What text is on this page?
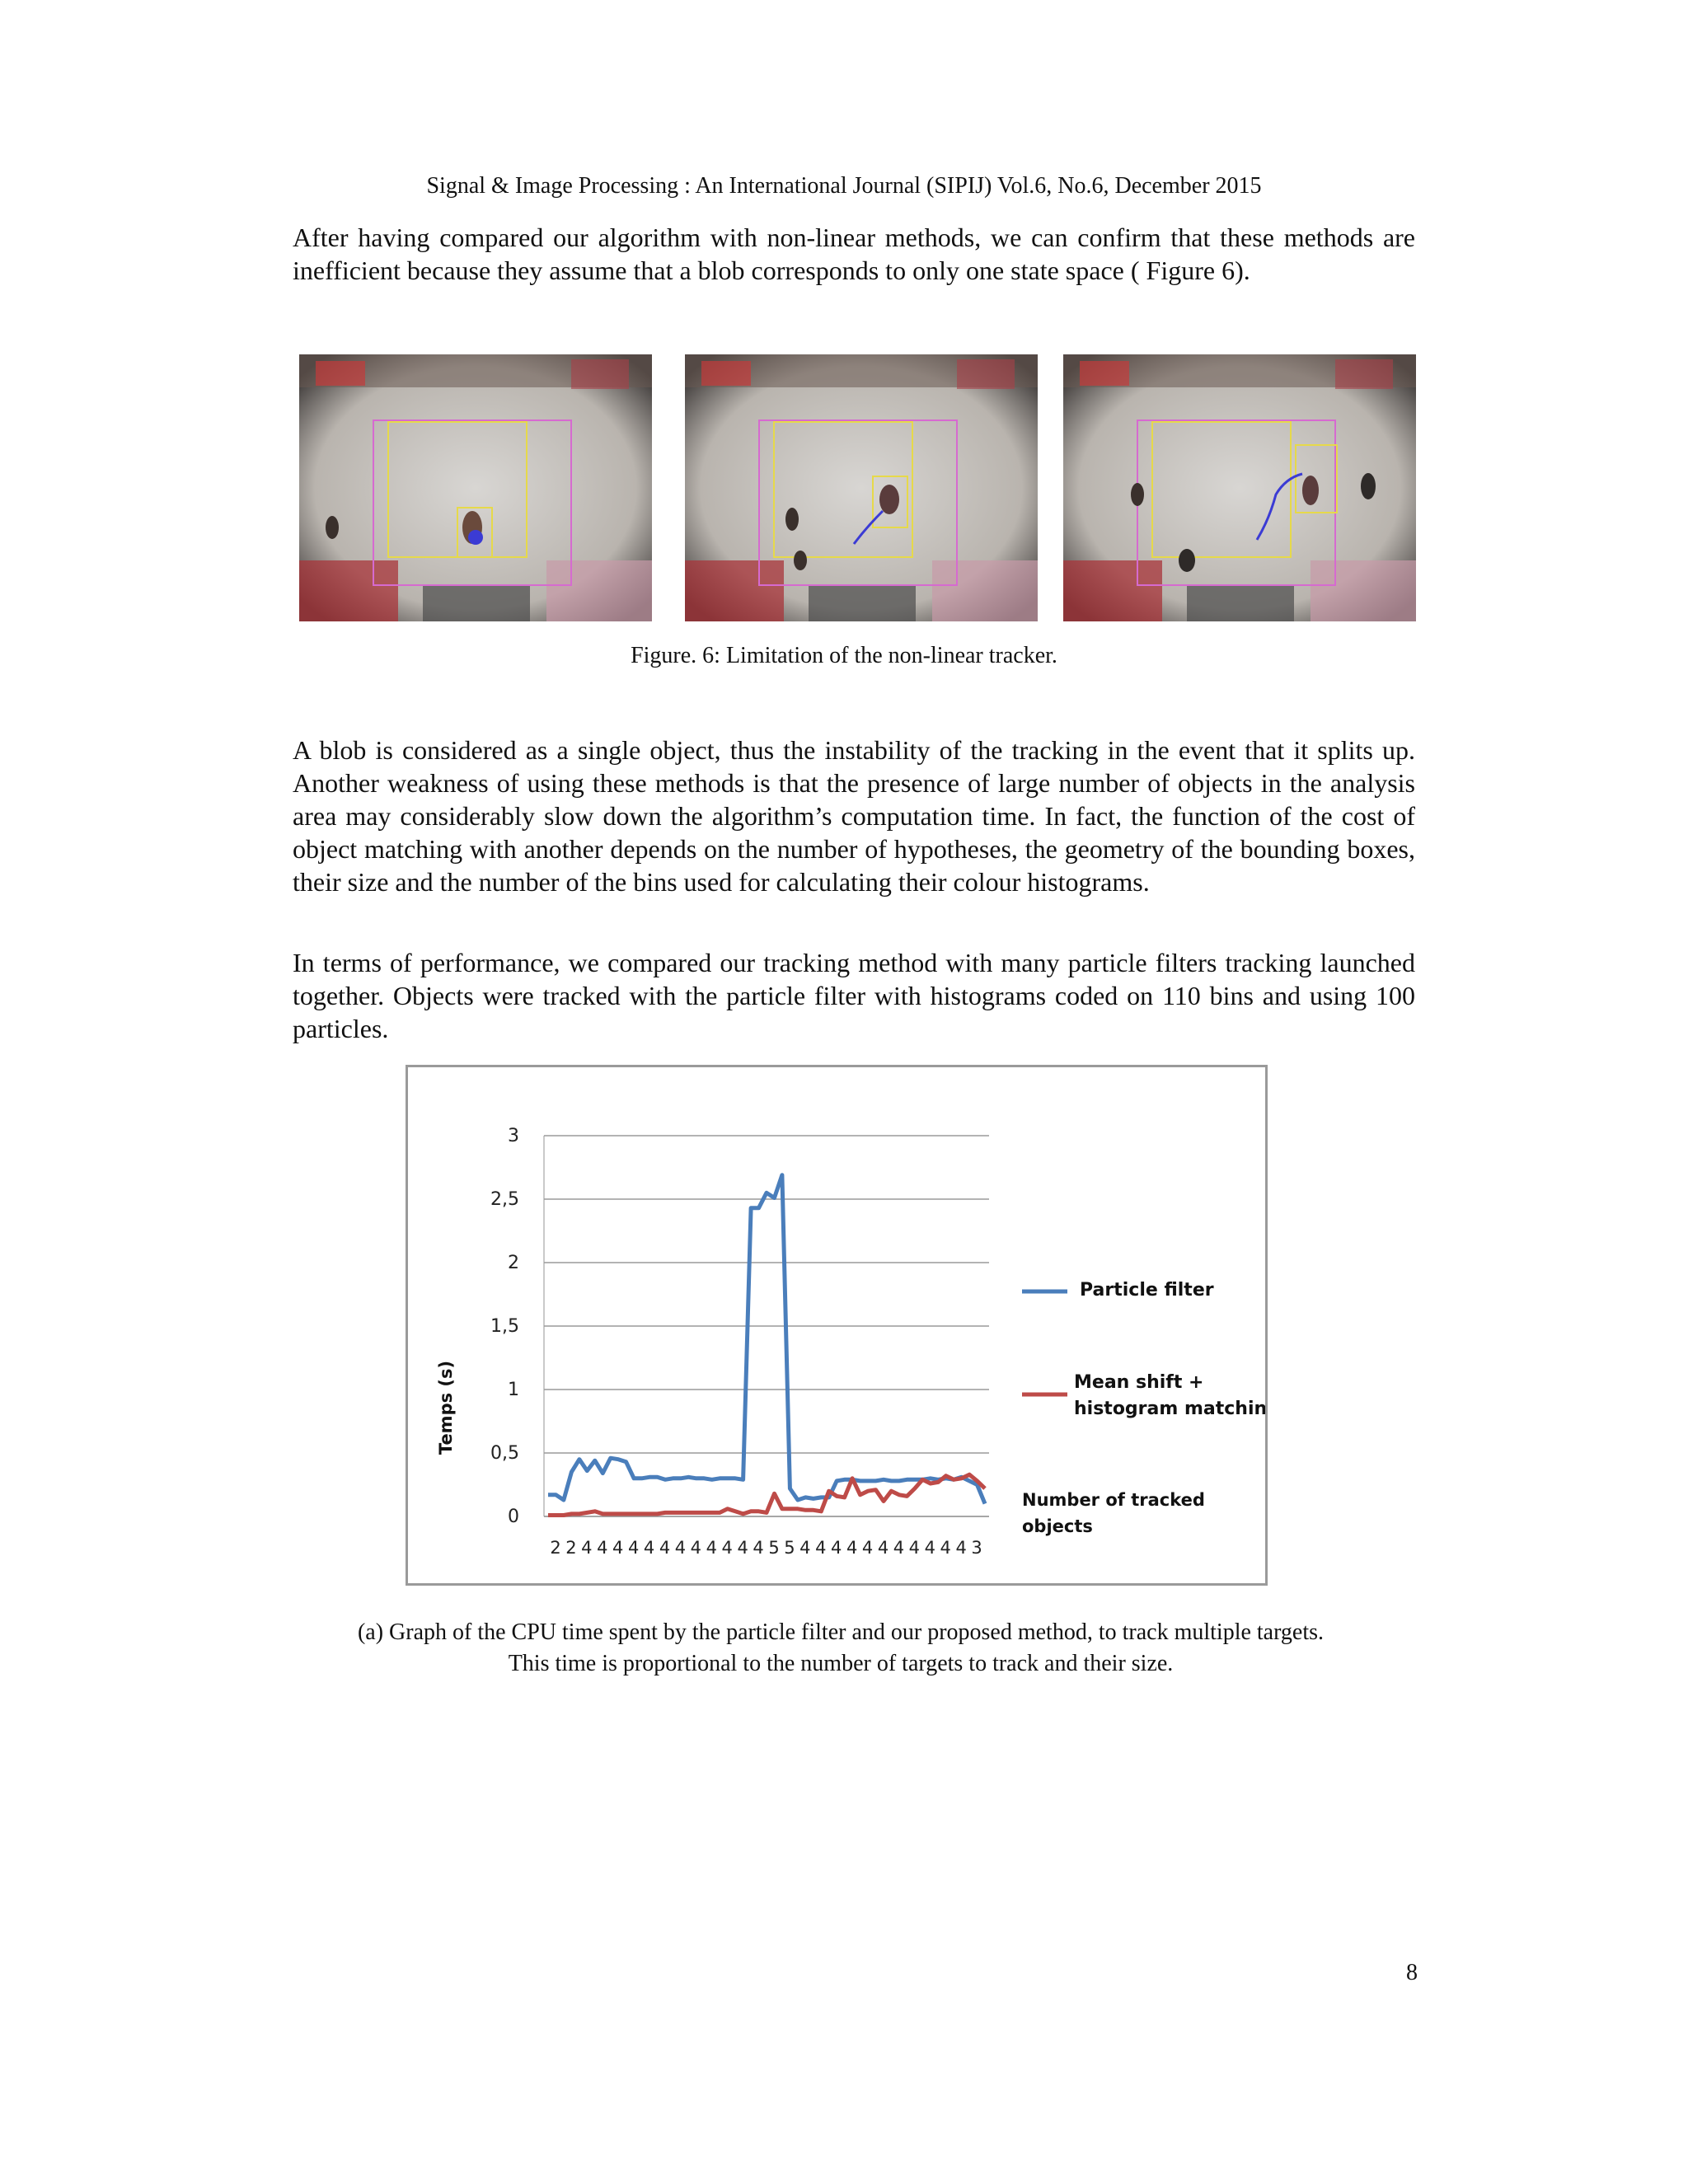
Signal & Image Processing : An International Journal (SIPIJ) Vol.6, No.6, December 2015
After having compared our algorithm with non-linear methods, we can confirm that these methods are inefficient because they assume that a blob corresponds to only one state space ( Figure 6).
Figure. 6: Limitation of the non-linear tracker.
A blob is considered as a single object, thus the instability of the tracking in the event that it splits up. Another weakness of using these methods is that the presence of large number of objects in the analysis area may considerably slow down the algorithm’s computation time. In fact, the function of the cost of object matching with another depends on the number of hypotheses, the geometry of the bounding boxes, their size and the number of the bins used for calculating their colour histograms.
In terms of performance, we compared our tracking method with many particle filters tracking launched together. Objects were tracked with the particle filter with histograms coded on 110 bins and using 100 particles.
0
0,5
1
1,5
2
2,5
3
Temps (s)
2 2 4 4 4 4 4 4 4 4 4 4 4 4 5 5 4 4 4 4 4 4 4 4 4 4 4 3
Particle filter
Mean shift +
histogram matching
Number of tracked
objects
(a) Graph of the CPU time spent by the particle filter and our proposed method, to track multiple targets.
This time is proportional to the number of targets to track and their size.
8
